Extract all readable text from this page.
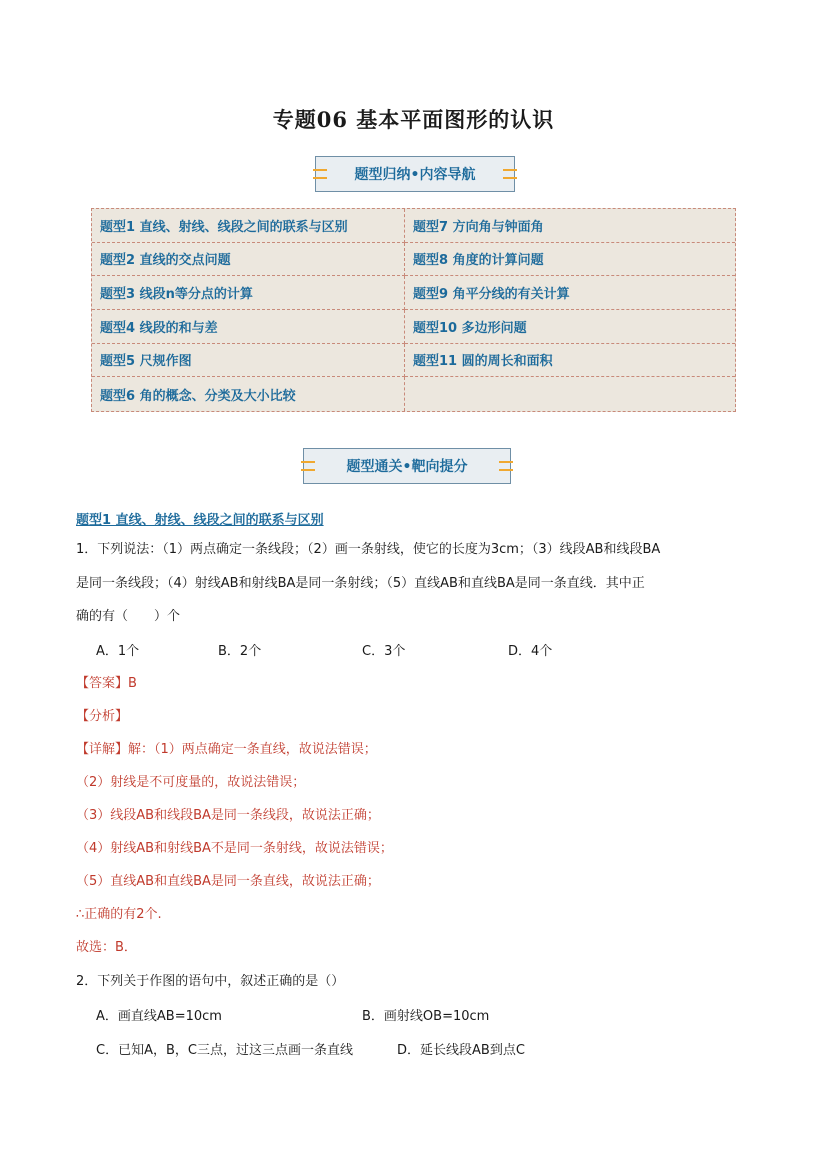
专题06 基本平面图形的认识
题型归纳•内容导航
题型1 直线、射线、线段之间的联系与区别	题型7 方向角与钟面角
题型2 直线的交点问题	题型8 角度的计算问题
题型3 线段n等分点的计算	题型9 角平分线的有关计算
题型4 线段的和与差	题型10 多边形问题
题型5 尺规作图	题型11 圆的周长和面积
题型6 角的概念、分类及大小比较
题型通关•靶向提分
题型1 直线、射线、线段之间的联系与区别
1．下列说法：（1）两点确定一条线段；（2）画一条射线，使它的长度为3cm；（3）线段AB和线段BA
是同一条线段；（4）射线AB和射线BA是同一条射线；（5）直线AB和直线BA是同一条直线．其中正
确的有（　　）个
A．1个	B．2个	C．3个	D．4个
【答案】B
【分析】
【详解】解：（1）两点确定一条直线，故说法错误；
（2）射线是不可度量的，故说法错误；
（3）线段AB和线段BA是同一条线段，故说法正确；
（4）射线AB和射线BA不是同一条射线，故说法错误；
（5）直线AB和直线BA是同一条直线，故说法正确；
∴正确的有2个.
故选：B．
2．下列关于作图的语句中，叙述正确的是（）
A．画直线AB=10cm	B．画射线OB=10cm
C．已知A，B，C三点，过这三点画一条直线	D．延长线段AB到点C
